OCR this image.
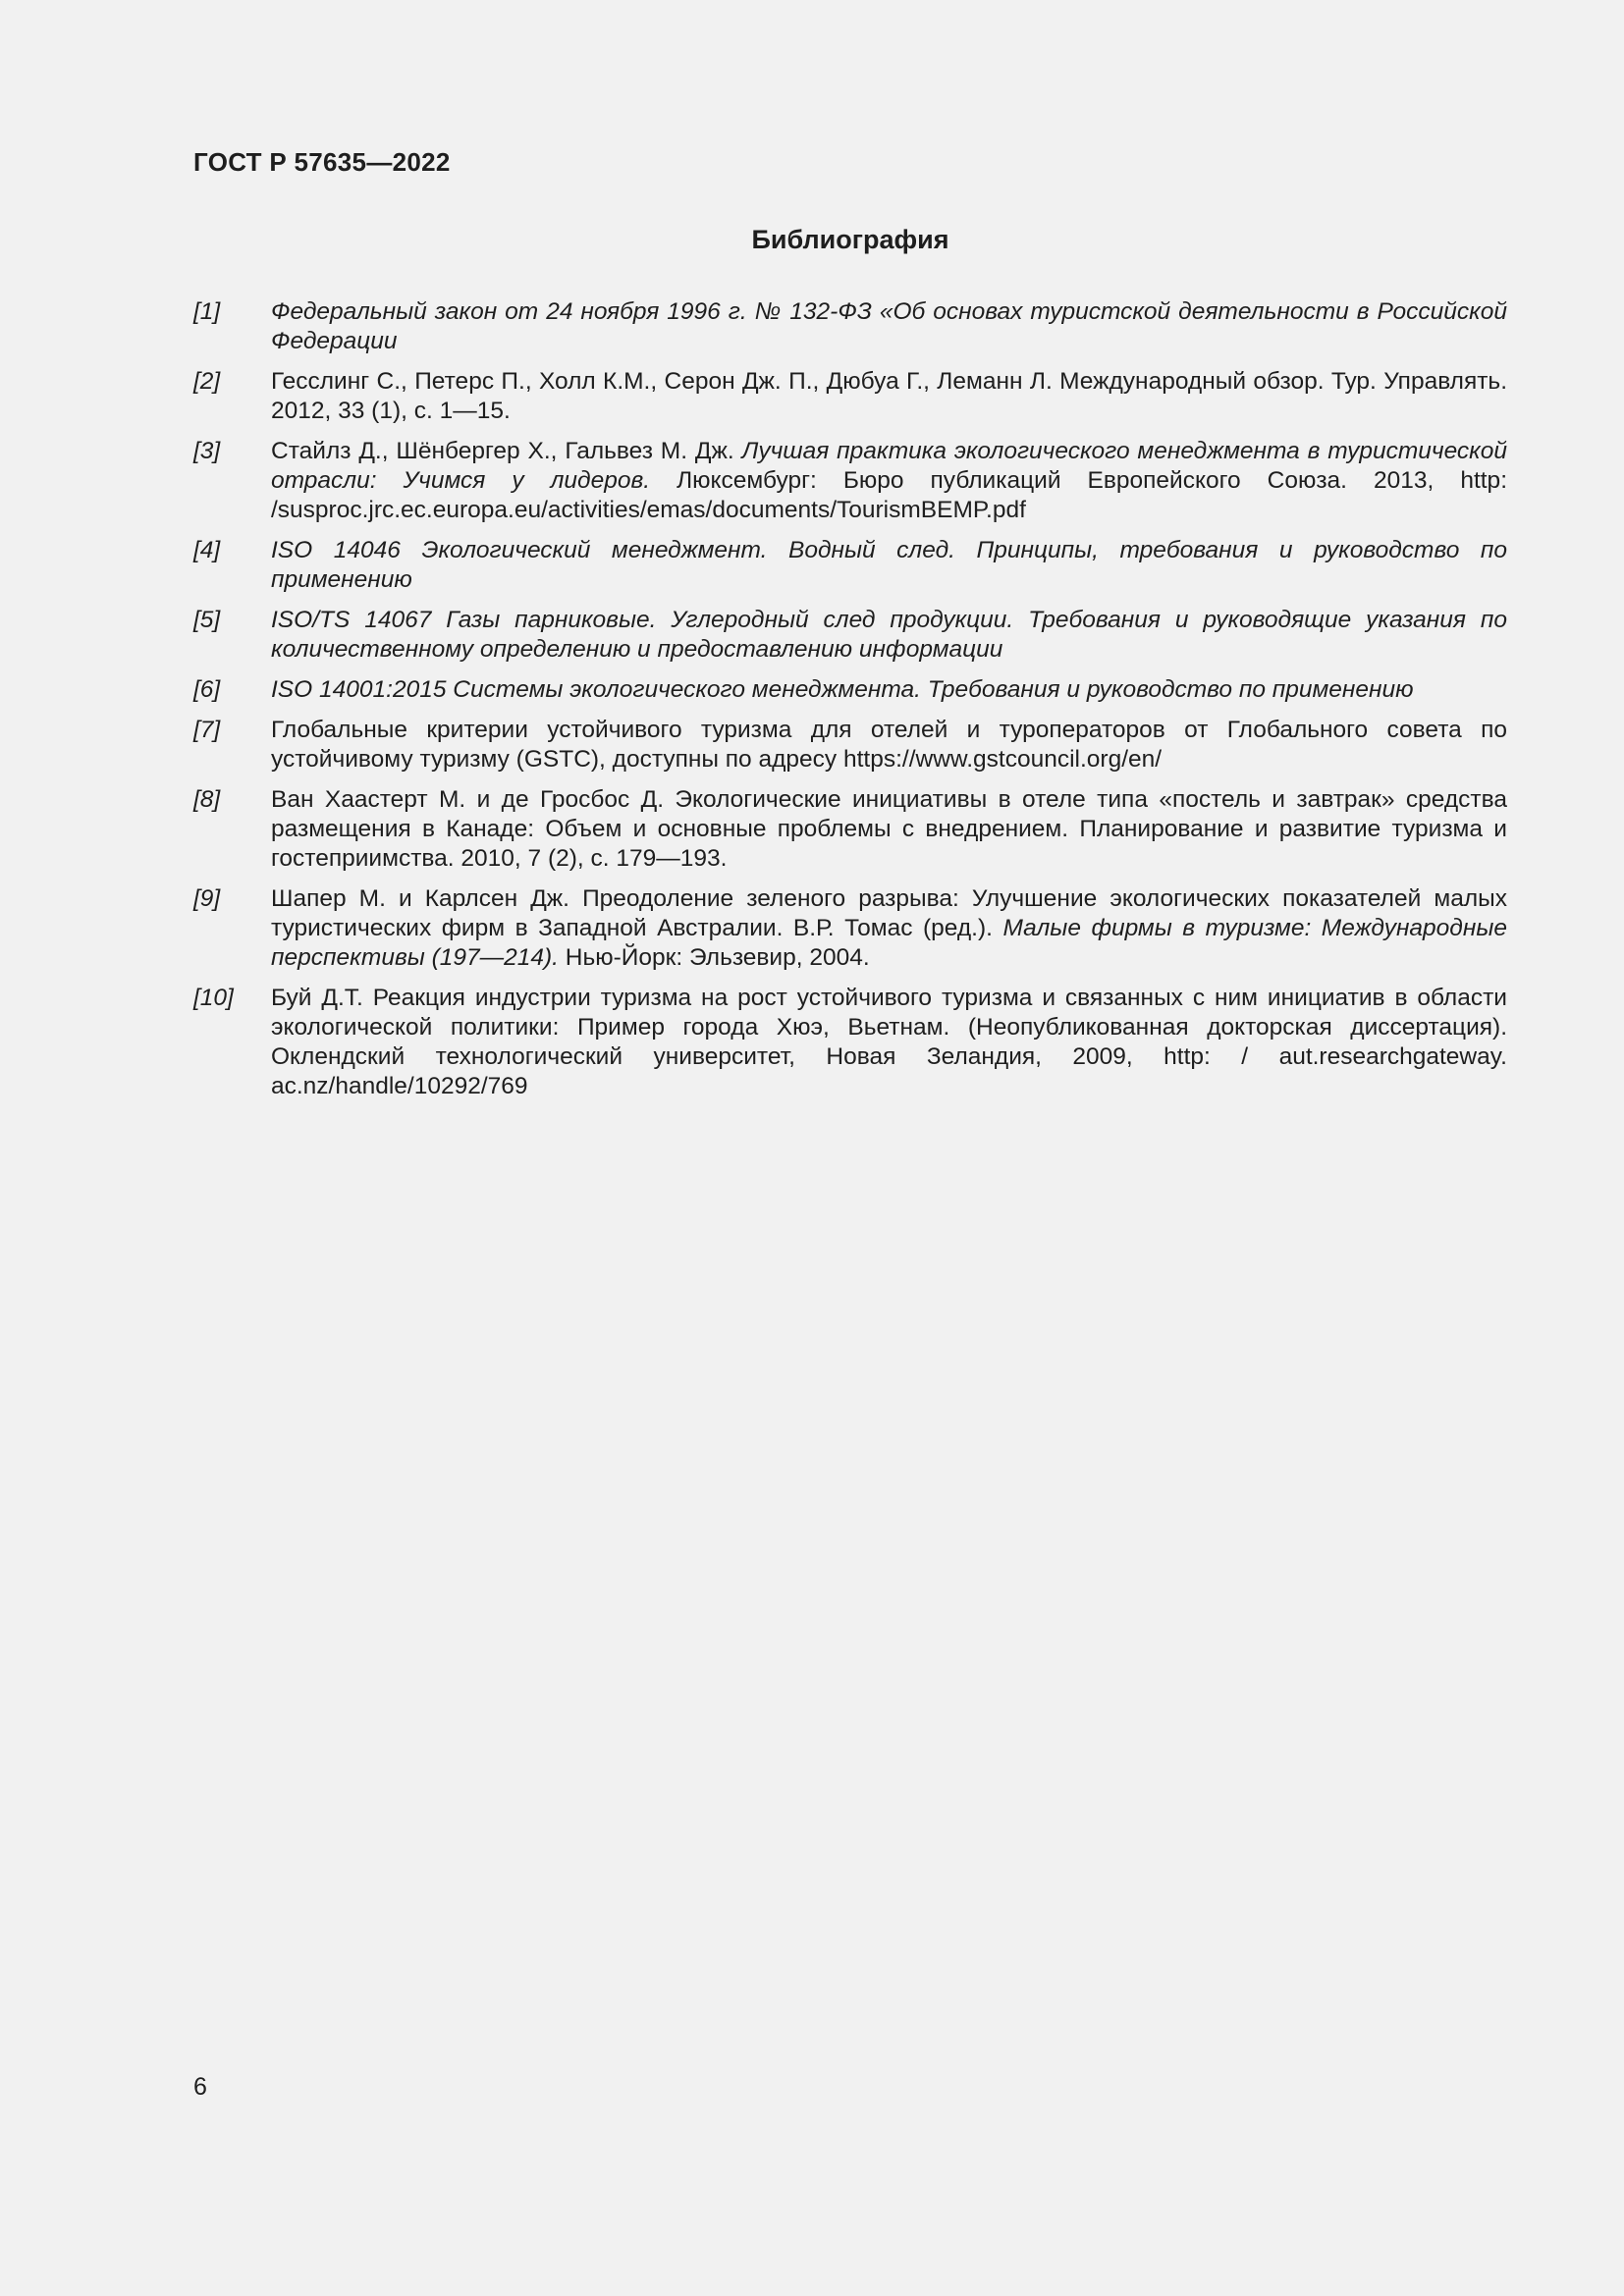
ГОСТ Р 57635—2022
Библиография
[1]	Федеральный закон от 24 ноября 1996 г. № 132-ФЗ «Об основах туристской деятельности в Российской Федерации
[2]	Гесслинг С., Петерс П., Холл К.М., Серон Дж. П., Дюбуа Г., Леманн Л. Международный обзор. Тур. Управлять. 2012, 33 (1), с. 1—15.
[3]	Стайлз Д., Шёнбергер Х., Гальвез М. Дж. Лучшая практика экологического менеджмента в туристической отрасли: Учимся у лидеров. Люксембург: Бюро публикаций Европейского Союза. 2013, http: /susproc.jrc.ec.europa.eu/activities/emas/documents/TourismBEMP.pdf
[4]	ISO 14046 Экологический менеджмент. Водный след. Принципы, требования и руководство по применению
[5]	ISO/TS 14067 Газы парниковые. Углеродный след продукции. Требования и руководящие указания по количественному определению и предоставлению информации
[6]	ISO 14001:2015 Системы экологического менеджмента. Требования и руководство по применению
[7]	Глобальные критерии устойчивого туризма для отелей и туроператоров от Глобального совета по устойчивому туризму (GSTC), доступны по адресу https://www.gstcouncil.org/en/
[8]	Ван Хаастерт М. и де Гросбос Д. Экологические инициативы в отеле типа «постель и завтрак» средства размещения в Канаде: Объем и основные проблемы с внедрением. Планирование и развитие туризма и гостеприимства. 2010, 7 (2), с. 179—193.
[9]	Шапер М. и Карлсен Дж. Преодоление зеленого разрыва: Улучшение экологических показателей малых туристических фирм в Западной Австралии. В.Р. Томас (ред.). Малые фирмы в туризме: Международные перспективы (197—214). Нью-Йорк: Эльзевир, 2004.
[10]	Буй Д.Т. Реакция индустрии туризма на рост устойчивого туризма и связанных с ним инициатив в области экологической политики: Пример города Хюэ, Вьетнам. (Неопубликованная докторская диссертация). Оклендский технологический университет, Новая Зеландия, 2009, http: / aut.researchgateway. ac.nz/handle/10292/769
6
